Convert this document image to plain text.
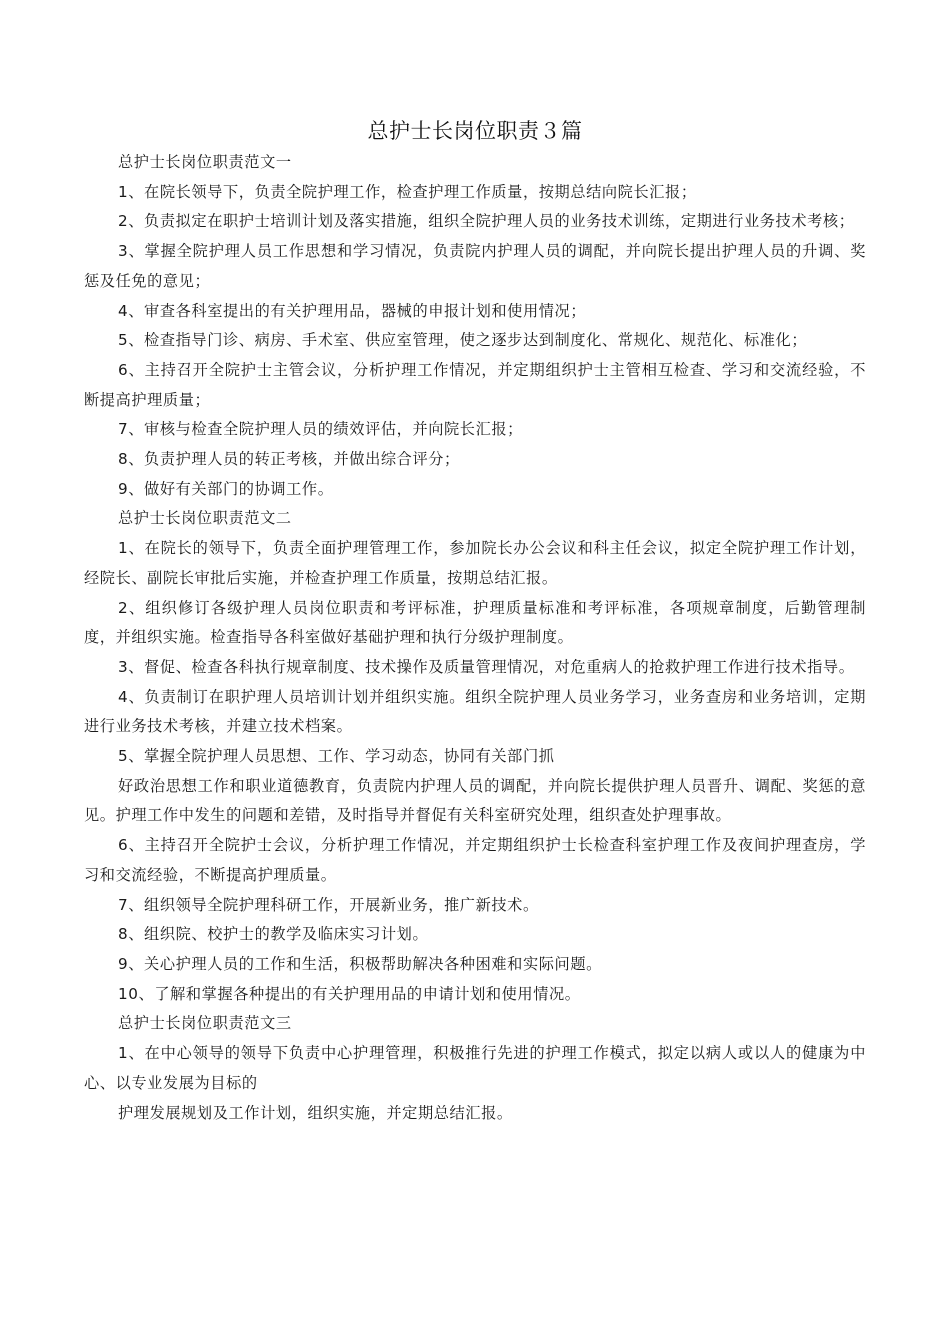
总护士长岗位职责３篇

总护士长岗位职责范文一

1、在院长领导下，负责全院护理工作，检查护理工作质量，按期总结向院长汇报；

2、负责拟定在职护士培训计划及落实措施，组织全院护理人员的业务技术训练，定期进行业务技术考核；

3、掌握全院护理人员工作思想和学习情况，负责院内护理人员的调配，并向院长提出护理人员的升调、奖惩及任免的意见；

4、审查各科室提出的有关护理用品，器械的申报计划和使用情况；

5、检查指导门诊、病房、手术室、供应室管理，使之逐步达到制度化、常规化、规范化、标准化；

6、主持召开全院护士主管会议，分析护理工作情况，并定期组织护士主管相互检查、学习和交流经验，不断提高护理质量；

7、审核与检查全院护理人员的绩效评估，并向院长汇报；

8、负责护理人员的转正考核，并做出综合评分；

9、做好有关部门的协调工作。

总护士长岗位职责范文二

1、在院长的领导下，负责全面护理管理工作，参加院长办公会议和科主任会议，拟定全院护理工作计划，经院长、副院长审批后实施，并检查护理工作质量，按期总结汇报。

2、组织修订各级护理人员岗位职责和考评标准，护理质量标准和考评标准，各项规章制度，后勤管理制度，并组织实施。检查指导各科室做好基础护理和执行分级护理制度。

3、督促、检查各科执行规章制度、技术操作及质量管理情况，对危重病人的抢救护理工作进行技术指导。

4、负责制订在职护理人员培训计划并组织实施。组织全院护理人员业务学习，业务查房和业务培训，定期进行业务技术考核，并建立技术档案。

5、掌握全院护理人员思想、工作、学习动态，协同有关部门抓

好政治思想工作和职业道德教育，负责院内护理人员的调配，并向院长提供护理人员晋升、调配、奖惩的意见。护理工作中发生的问题和差错，及时指导并督促有关科室研究处理，组织查处护理事故。

6、主持召开全院护士会议，分析护理工作情况，并定期组织护士长检查科室护理工作及夜间护理查房，学习和交流经验，不断提高护理质量。

7、组织领导全院护理科研工作，开展新业务，推广新技术。

8、组织院、校护士的教学及临床实习计划。

9、关心护理人员的工作和生活，积极帮助解决各种困难和实际问题。

10、了解和掌握各种提出的有关护理用品的申请计划和使用情况。

总护士长岗位职责范文三

1、在中心领导的领导下负责中心护理管理，积极推行先进的护理工作模式，拟定以病人或以人的健康为中心、以专业发展为目标的

护理发展规划及工作计划，组织实施，并定期总结汇报。
